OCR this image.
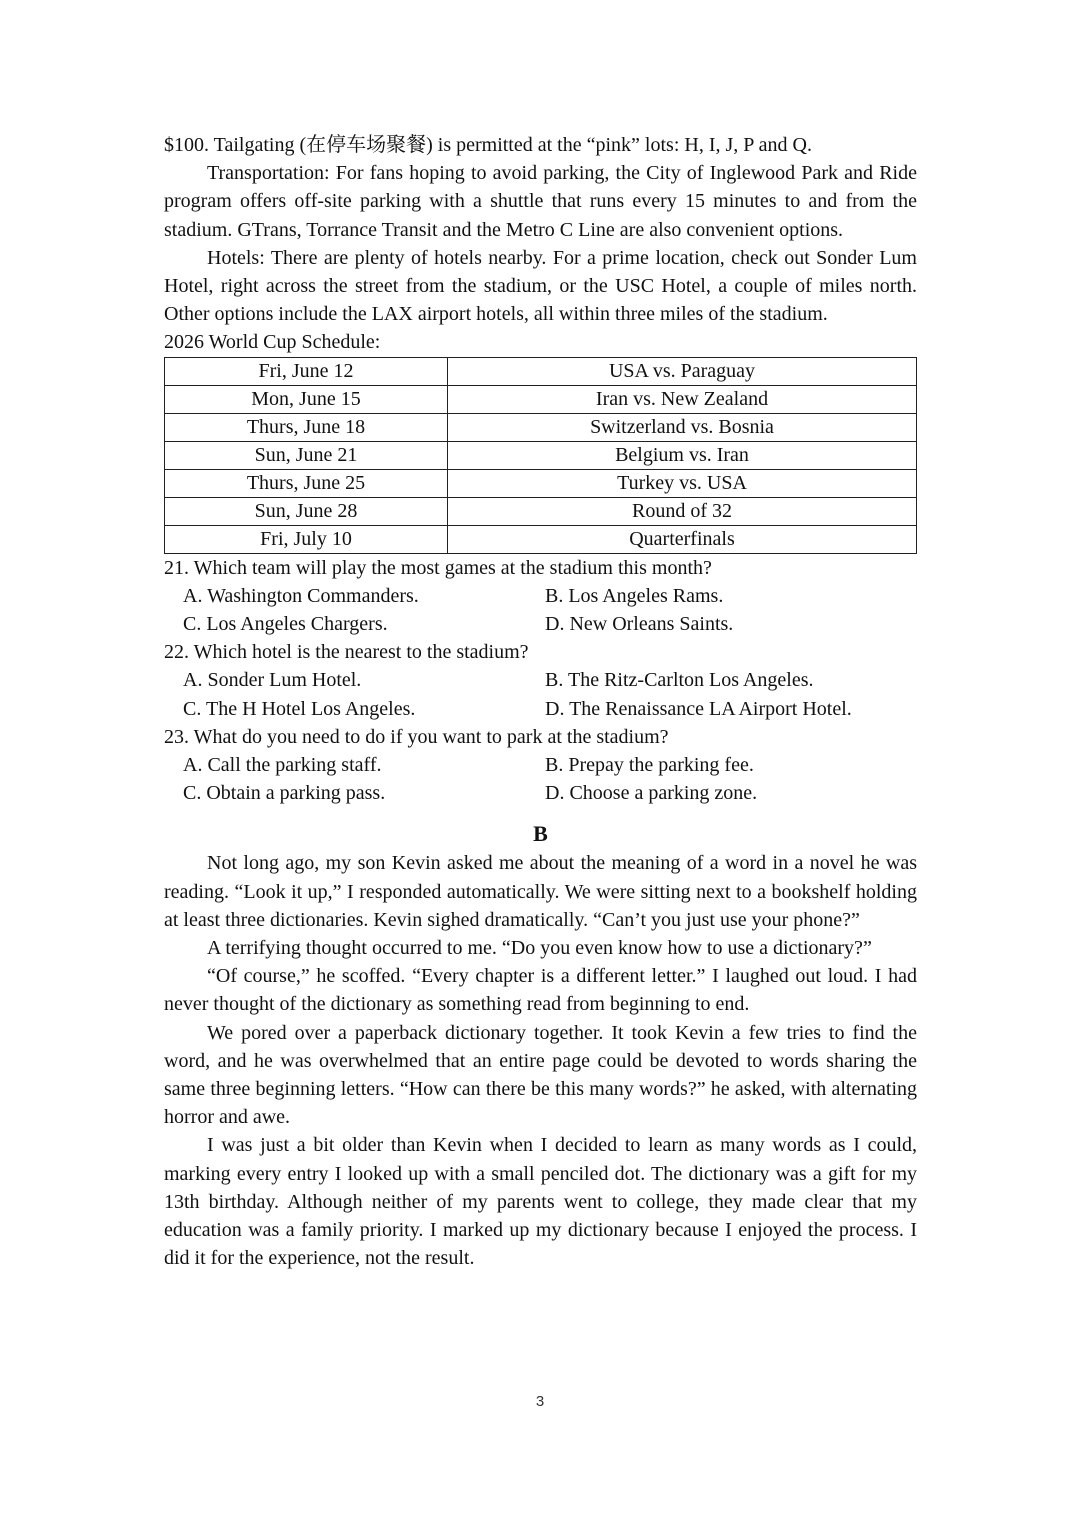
$100. Tailgating (在停车场聚餐) is permitted at the “pink” lots: H, I, J, P and Q.

Transportation: For fans hoping to avoid parking, the City of Inglewood Park and Ride program offers off-site parking with a shuttle that runs every 15 minutes to and from the stadium. GTrans, Torrance Transit and the Metro C Line are also convenient options.

Hotels: There are plenty of hotels nearby. For a prime location, check out Sonder Lum Hotel, right across the street from the stadium, or the USC Hotel, a couple of miles north. Other options include the LAX airport hotels, all within three miles of the stadium.

2026 World Cup Schedule:
Fri, June 12	USA vs. Paraguay
Mon, June 15	Iran vs. New Zealand
Thurs, June 18	Switzerland vs. Bosnia
Sun, June 21	Belgium vs. Iran
Thurs, June 25	Turkey vs. USA
Sun, June 28	Round of 32
Fri, July 10	Quarterfinals
21. Which team will play the most games at the stadium this month?
A. Washington Commanders.	B. Los Angeles Rams.
C. Los Angeles Chargers.	D. New Orleans Saints.
22. Which hotel is the nearest to the stadium?
A. Sonder Lum Hotel.	B. The Ritz-Carlton Los Angeles.
C. The H Hotel Los Angeles.	D. The Renaissance LA Airport Hotel.
23. What do you need to do if you want to park at the stadium?
A. Call the parking staff.	B. Prepay the parking fee.
C. Obtain a parking pass.	D. Choose a parking zone.
B

Not long ago, my son Kevin asked me about the meaning of a word in a novel he was reading. “Look it up,” I responded automatically. We were sitting next to a bookshelf holding at least three dictionaries. Kevin sighed dramatically. “Can’t you just use your phone?”

A terrifying thought occurred to me. “Do you even know how to use a dictionary?”

“Of course,” he scoffed. “Every chapter is a different letter.” I laughed out loud. I had never thought of the dictionary as something read from beginning to end.

We pored over a paperback dictionary together. It took Kevin a few tries to find the word, and he was overwhelmed that an entire page could be devoted to words sharing the same three beginning letters. “How can there be this many words?” he asked, with alternating horror and awe.

I was just a bit older than Kevin when I decided to learn as many words as I could, marking every entry I looked up with a small penciled dot. The dictionary was a gift for my 13th birthday. Although neither of my parents went to college, they made clear that my education was a family priority. I marked up my dictionary because I enjoyed the process. I did it for the experience, not the result.

3
